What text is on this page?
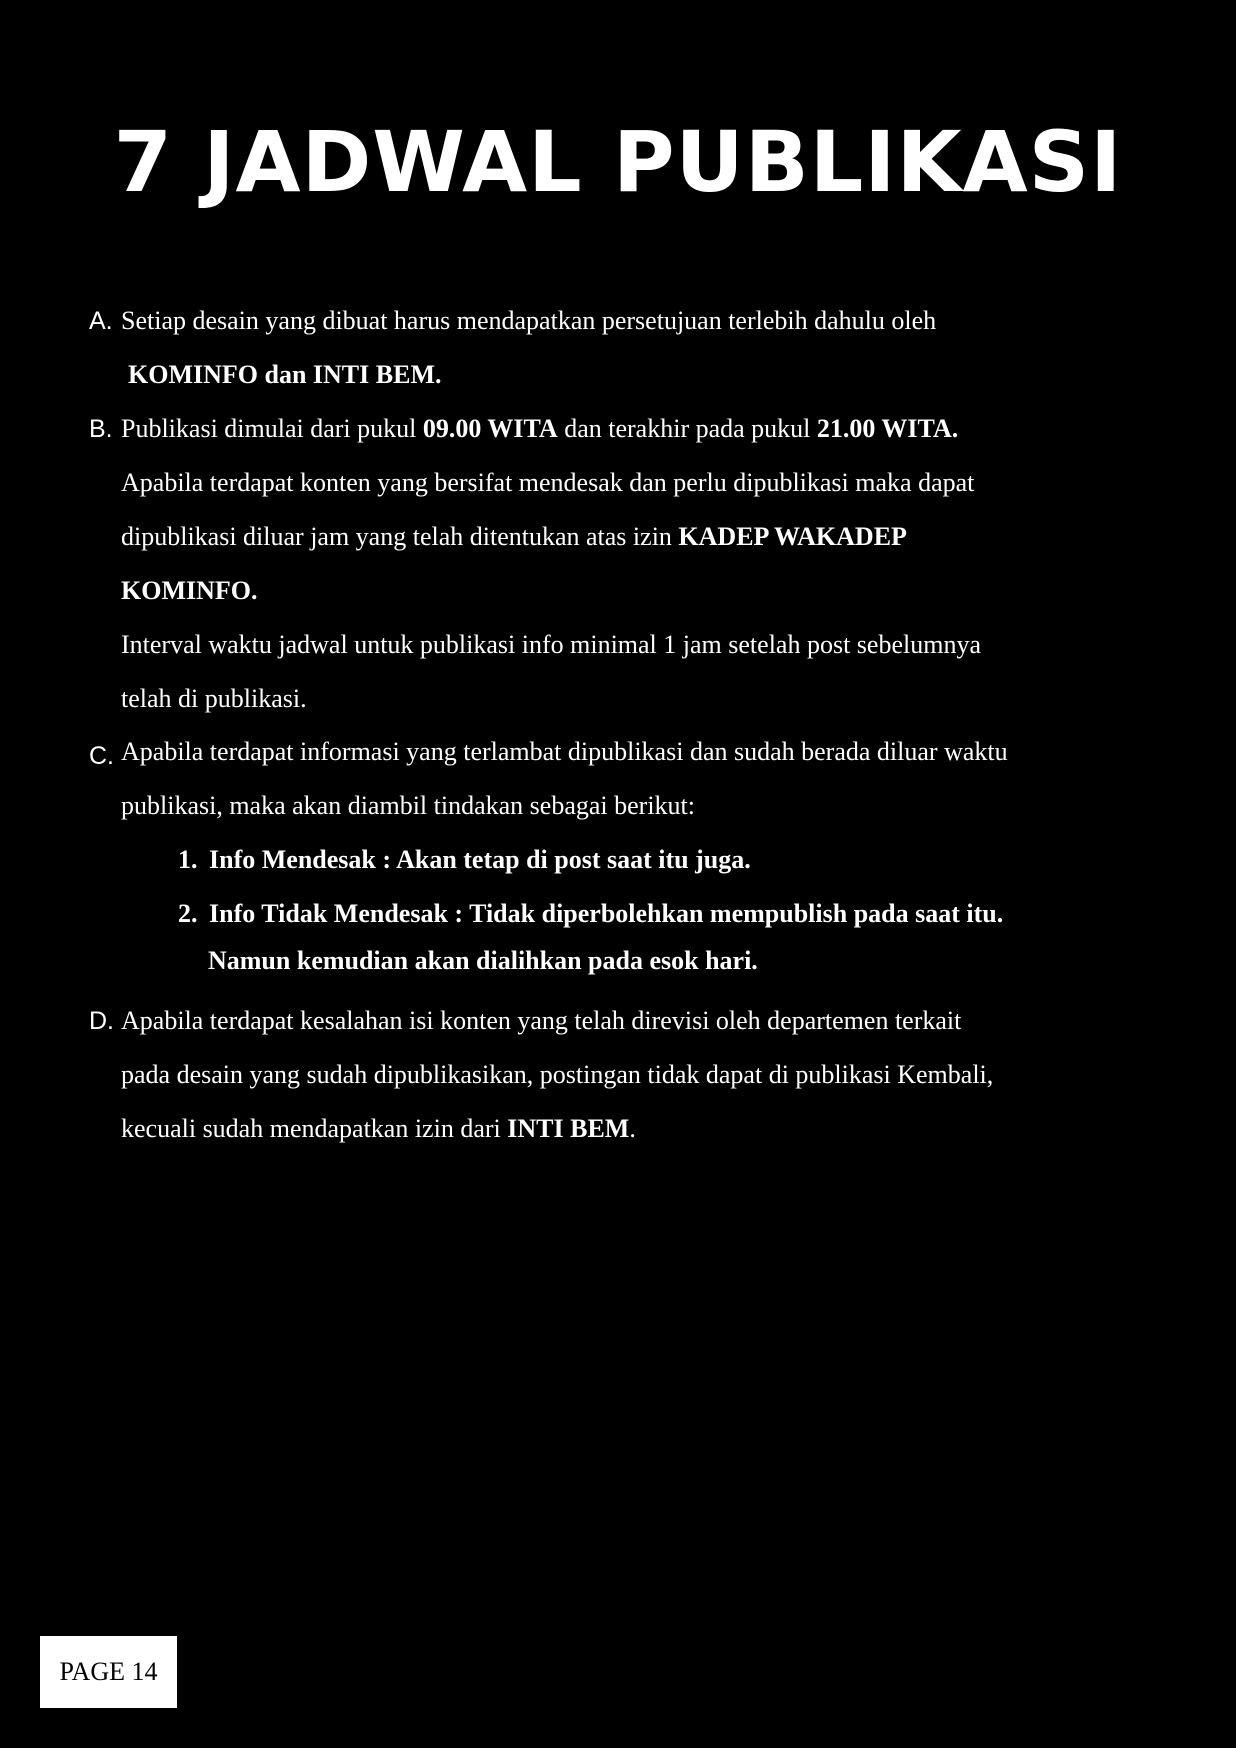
7 JADWAL PUBLIKASI
A. Setiap desain yang dibuat harus mendapatkan persetujuan terlebih dahulu oleh
KOMINFO dan INTI BEM.
B. Publikasi dimulai dari pukul 09.00 WITA dan terakhir pada pukul 21.00 WITA.
Apabila terdapat konten yang bersifat mendesak dan perlu dipublikasi maka dapat
dipublikasi diluar jam yang telah ditentukan atas izin KADEP WAKADEP
KOMINFO.
Interval waktu jadwal untuk publikasi info minimal 1 jam setelah post sebelumnya
telah di publikasi.
C. Apabila terdapat informasi yang terlambat dipublikasi dan sudah berada diluar waktu
publikasi, maka akan diambil tindakan sebagai berikut:
1. Info Mendesak : Akan tetap di post saat itu juga.
2. Info Tidak Mendesak : Tidak diperbolehkan mempublish pada saat itu.
Namun kemudian akan dialihkan pada esok hari.
D. Apabila terdapat kesalahan isi konten yang telah direvisi oleh departemen terkait
pada desain yang sudah dipublikasikan, postingan tidak dapat di publikasi Kembali,
kecuali sudah mendapatkan izin dari INTI BEM.
PAGE 14
